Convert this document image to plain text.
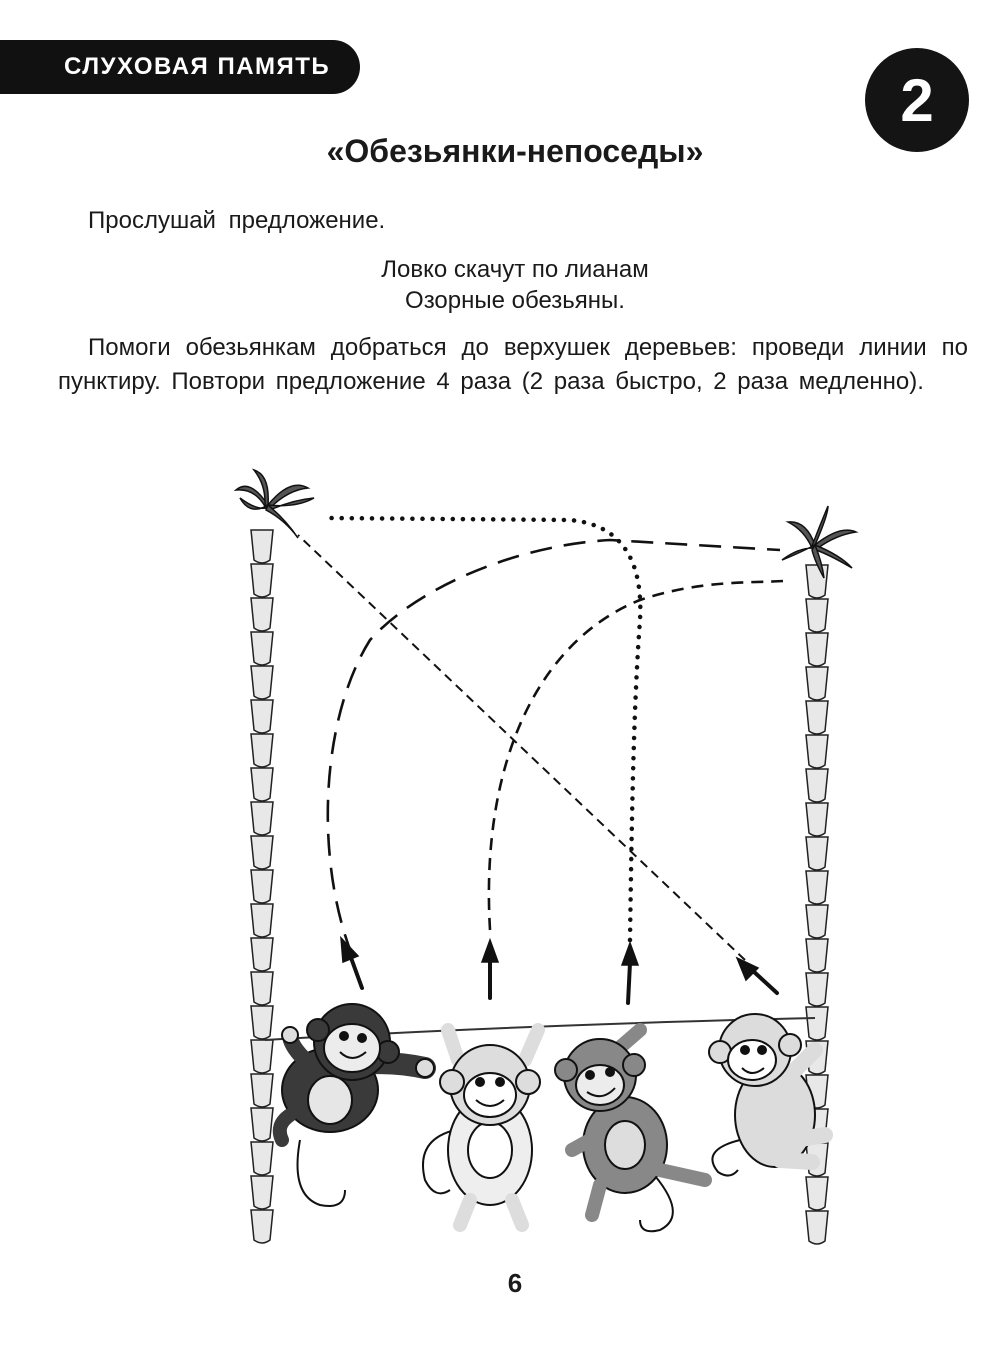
СЛУХОВАЯ ПАМЯТЬ	2
«Обезьянки-непоседы»
Прослушай предложение.
Ловко скачут по лианам
Озорные обезьяны.
Помоги обезьянкам добраться до верхушек деревьев: проведи линии по пунктиру. Повтори предложение 4 раза (2 раза быстро, 2 раза медленно).
6
